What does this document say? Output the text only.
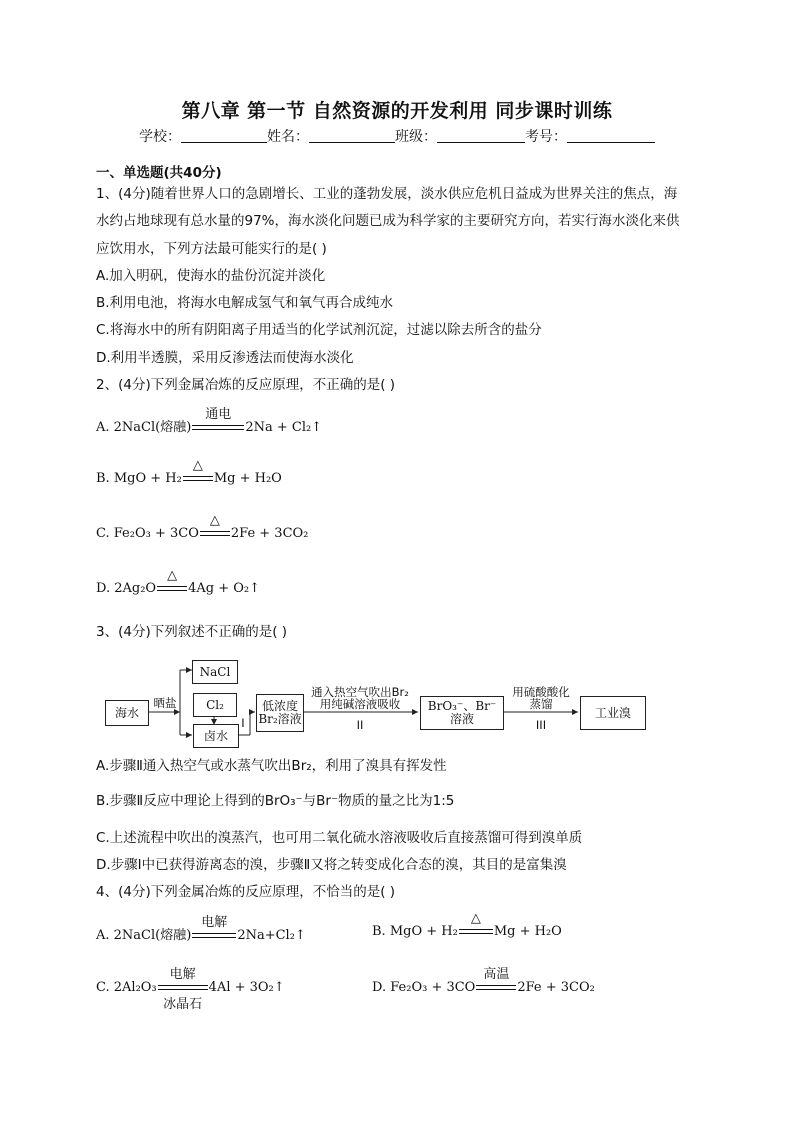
第八章 第一节 自然资源的开发利用 同步课时训练
学校：	姓名：	班级：	考号：
一、单选题(共40分)
1、(4分)随着世界人口的急剧增长、工业的蓬勃发展，淡水供应危机日益成为世界关注的焦点，海
水约占地球现有总水量的97%，海水淡化问题已成为科学家的主要研究方向，若实行海水淡化来供
应饮用水，下列方法最可能实行的是( )
A.加入明矾，使海水的盐份沉淀并淡化
B.利用电池，将海水电解成氢气和氧气再合成纯水
C.将海水中的所有阴阳离子用适当的化学试剂沉淀，过滤以除去所含的盐分
D.利用半透膜，采用反渗透法而使海水淡化
2、(4分)下列金属冶炼的反应原理，不正确的是( )
A. 2NaCl(熔融)
通电
2Na + Cl₂↑
B. MgO + H₂
△
Mg + H₂O
C. Fe₂O₃ + 3CO
△
2Fe + 3CO₂
D. 2Ag₂O
△
4Ag + O₂↑
3、(4分)下列叙述不正确的是( )
海水
晒盐
NaCl
Cl₂
卤水
I
低浓度
Br₂溶液
通入热空气吹出Br₂
用纯碱溶液吸收
II
BrO₃⁻、Br⁻ 溶液
用硫酸酸化
蒸馏
III
工业溴
A.步骤Ⅱ通入热空气或水蒸气吹出Br₂，利用了溴具有挥发性
B.步骤Ⅱ反应中理论上得到的BrO₃⁻与Br⁻物质的量之比为1:5
C.上述流程中吹出的溴蒸汽，也可用二氧化硫水溶液吸收后直接蒸馏可得到溴单质
D.步骤Ⅰ中已获得游离态的溴，步骤Ⅱ又将之转变成化合态的溴，其目的是富集溴
4、(4分)下列金属冶炼的反应原理，不恰当的是( )
A. 2NaCl(熔融)
电解
2Na+Cl₂↑	B. MgO + H₂
△
Mg + H₂O
C. 2Al₂O₃
电解
冰晶石
4Al + 3O₂↑	D. Fe₂O₃ + 3CO
高温
2Fe + 3CO₂
